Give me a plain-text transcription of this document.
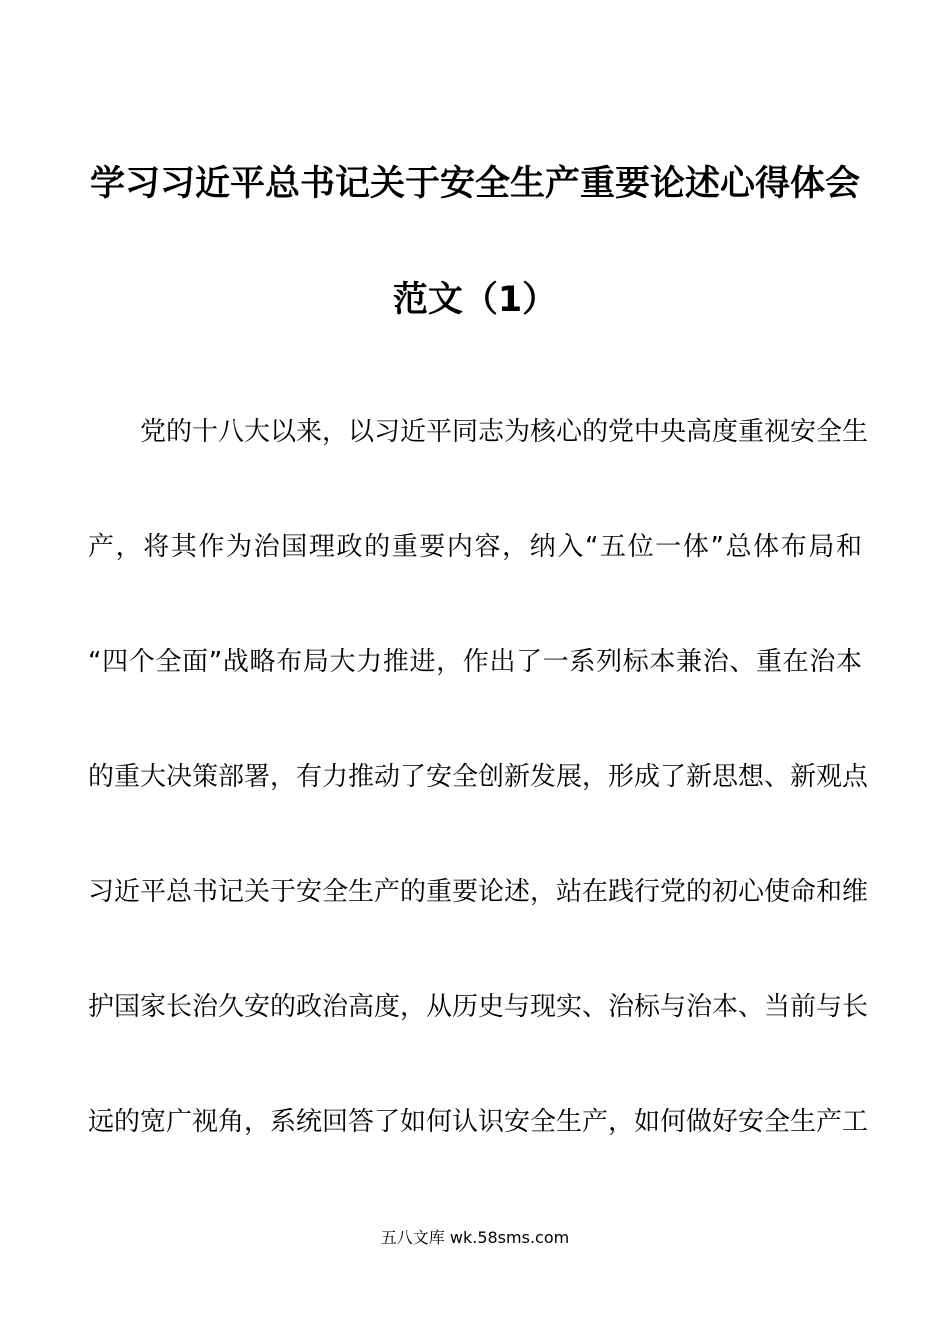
学习习近平总书记关于安全生产重要论述心得体会
范文（1）
党的十八大以来，以习近平同志为核心的党中央高度重视安全生
产，将其作为治国理政的重要内容，纳入“五位一体”总体布局和
“四个全面”战略布局大力推进，作出了一系列标本兼治、重在治本
的重大决策部署，有力推动了安全创新发展，形成了新思想、新观点
习近平总书记关于安全生产的重要论述，站在践行党的初心使命和维
护国家长治久安的政治高度，从历史与现实、治标与治本、当前与长
远的宽广视角，系统回答了如何认识安全生产，如何做好安全生产工
五八文库 wk.58sms.com
